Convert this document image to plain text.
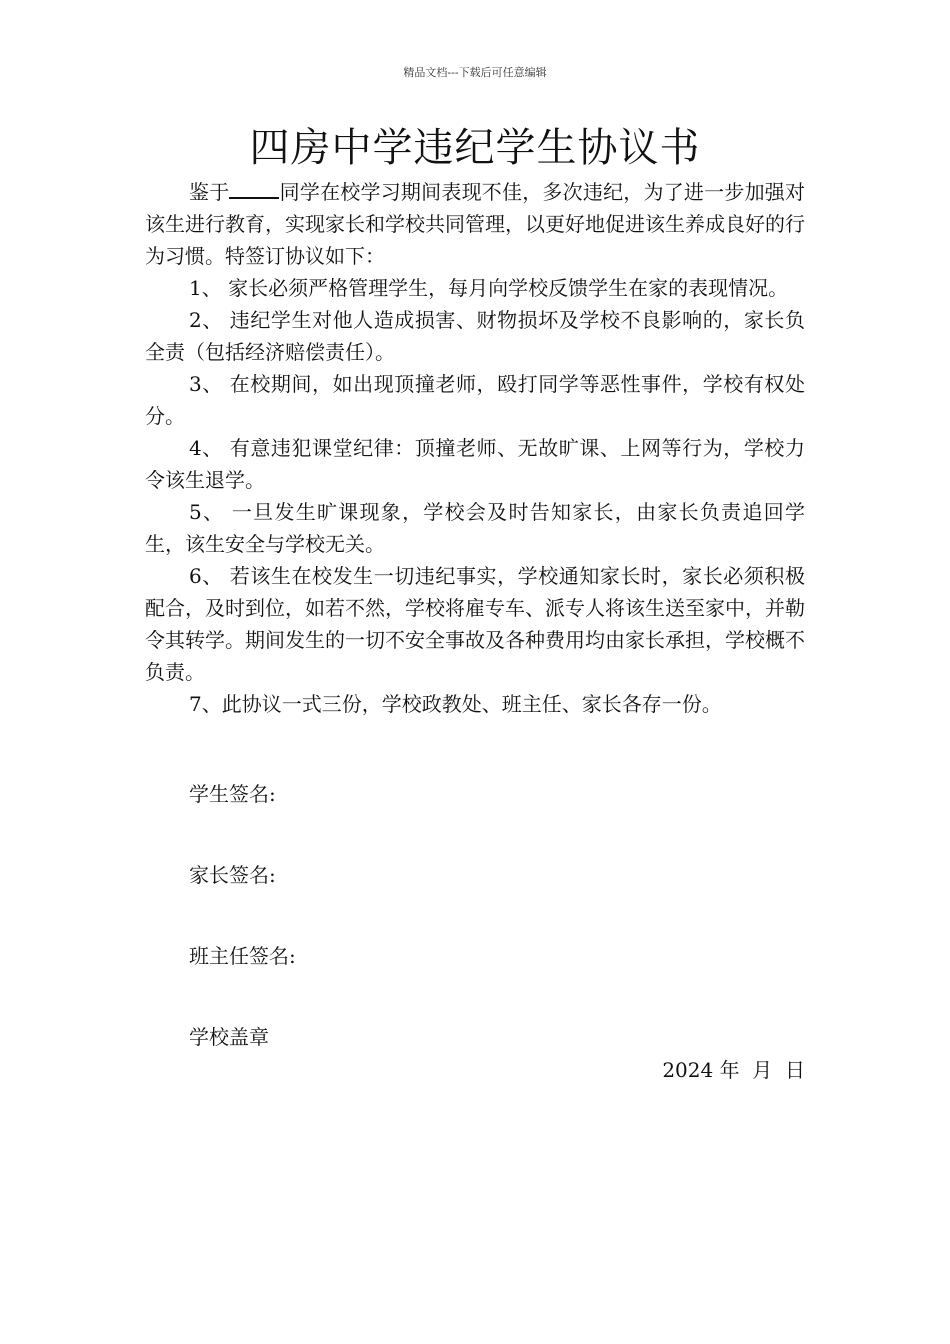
精品文档---下载后可任意编辑
四房中学违纪学生协议书

鉴于	同学在校学习期间表现不佳，多次违纪，为了进一步加强对该生进行教育，实现家长和学校共同管理，以更好地促进该生养成良好的行为习惯。特签订协议如下：

1、 家长必须严格管理学生，每月向学校反馈学生在家的表现情况。

2、 违纪学生对他人造成损害、财物损坏及学校不良影响的，家长负全责（包括经济赔偿责任）。

3、 在校期间，如出现顶撞老师，殴打同学等恶性事件，学校有权处分。

4、 有意违犯课堂纪律：顶撞老师、无故旷课、上网等行为，学校力令该生退学。

5、 一旦发生旷课现象，学校会及时告知家长，由家长负责追回学生，该生安全与学校无关。

6、 若该生在校发生一切违纪事实，学校通知家长时，家长必须积极配合，及时到位，如若不然，学校将雇专车、派专人将该生送至家中，并勒令其转学。期间发生的一切不安全事故及各种费用均由家长承担，学校概不负责。

7、此协议一式三份，学校政教处、班主任、家长各存一份。

学生签名:
家长签名:
班主任签名:
学校盖章
2024 年  月  日
